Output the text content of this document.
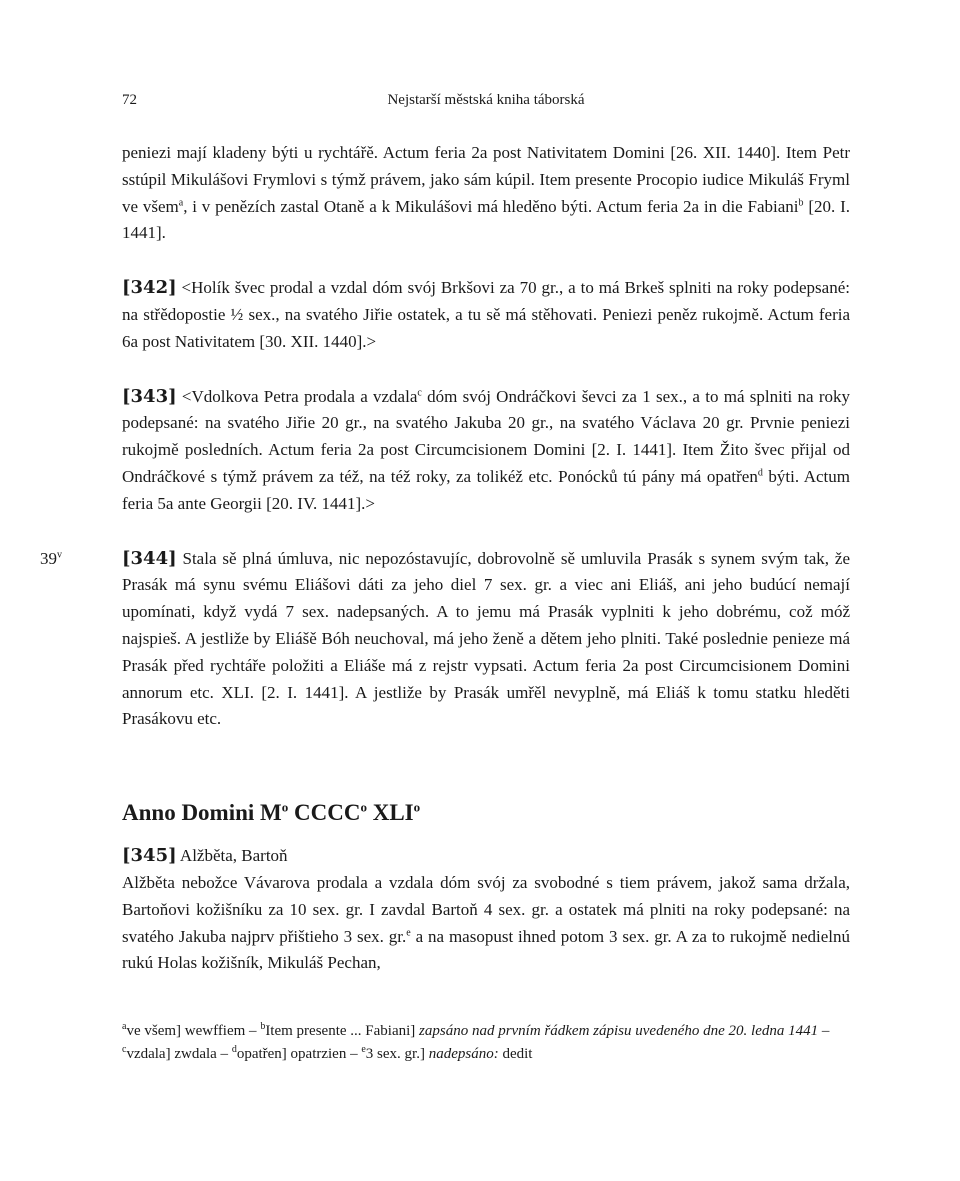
72	Nejstarší městská kniha táborská

peniezi mají kladeny býti u rychtářě. Actum feria 2a post Nativitatem Domini [26. XII. 1440]. Item Petr sstúpil Mikulášovi Frymlovi s týmž právem, jako sám kúpil. Item presente Procopio iudice Mikuláš Fryml ve všem$^a$, i v penězích zastal Otaně a k Mikulášovi má hleděno býti. Actum feria 2a in die Fabiani$^b$ [20. I. 1441].

[342] <Holík švec prodal a vzdal dóm svój Brkšovi za 70 gr., a to má Brkeš splniti na roky podepsané: na střědopostie ½ sex., na svatého Jiřie ostatek, a tu sě má stěhovati. Peniezi peněz rukojmě. Actum feria 6a post Nativitatem [30. XII. 1440].>

[343] <Vdolkova Petra prodala a vzdala$^c$ dóm svój Ondráčkovi ševci za 1 sex., a to má splniti na roky podepsané: na svatého Jiřie 20 gr., na svatého Jakuba 20 gr., na svatého Václava 20 gr. Prvnie peniezi rukojmě posledních. Actum feria 2a post Circumcisionem Domini [2. I. 1441]. Item Žito švec přijal od Ondráčkové s týmž právem za též, na též roky, za tolikéž etc. Ponócků tú pány má opatřen$^d$ býti. Actum feria 5a ante Georgii [20. IV. 1441].>

39$^v$	[344] Stala sě plná úmluva, nic nepozóstavujíc, dobrovolně sě umluvila Prasák s synem svým tak, že Prasák má synu svému Eliášovi dáti za jeho diel 7 sex. gr. a viec ani Eliáš, ani jeho budúcí nemají upomínati, když vydá 7 sex. nadepsaných. A to jemu má Prasák vyplniti k jeho dobrému, což móž najspieš. A jestliže by Eliášě Bóh neuchoval, má jeho ženě a dětem jeho plniti. Také poslednie penieze má Prasák před rychtáře položiti a Eliáše má z rejstr vypsati. Actum feria 2a post Circumcisionem Domini annorum etc. XLI. [2. I. 1441]. A jestliže by Prasák umřěl nevyplně, má Eliáš k tomu statku hleděti Prasákovu etc.

Anno Domini $M^o$ CCCC$^o$ XLI$^o$

[345] Alžběta, Bartoň

Alžběta nebožce Vávarova prodala a vzdala dóm svój za svobodné s tiem právem, jakož sama držala, Bartoňovi kožišníku za 10 sex. gr. I zavdal Bartoň 4 sex. gr. a ostatek má plniti na roky podepsané: na svatého Jakuba najprv přištieho 3 sex. gr.$^e$ a na masopust ihned potom 3 sex. gr. A za to rukojmě nedielnú rukú Holas kožišník, Mikuláš Pechan,

$^a$ve všem] wewffiem – $^b$Item presente ... Fabiani] zapsáno nad prvním řádkem zápisu uvedeného dne 20. ledna 1441 – $^c$vzdala] zwdala – $^d$opatřen] opatrzien – $^e$3 sex. gr.] nadepsáno: dedit
